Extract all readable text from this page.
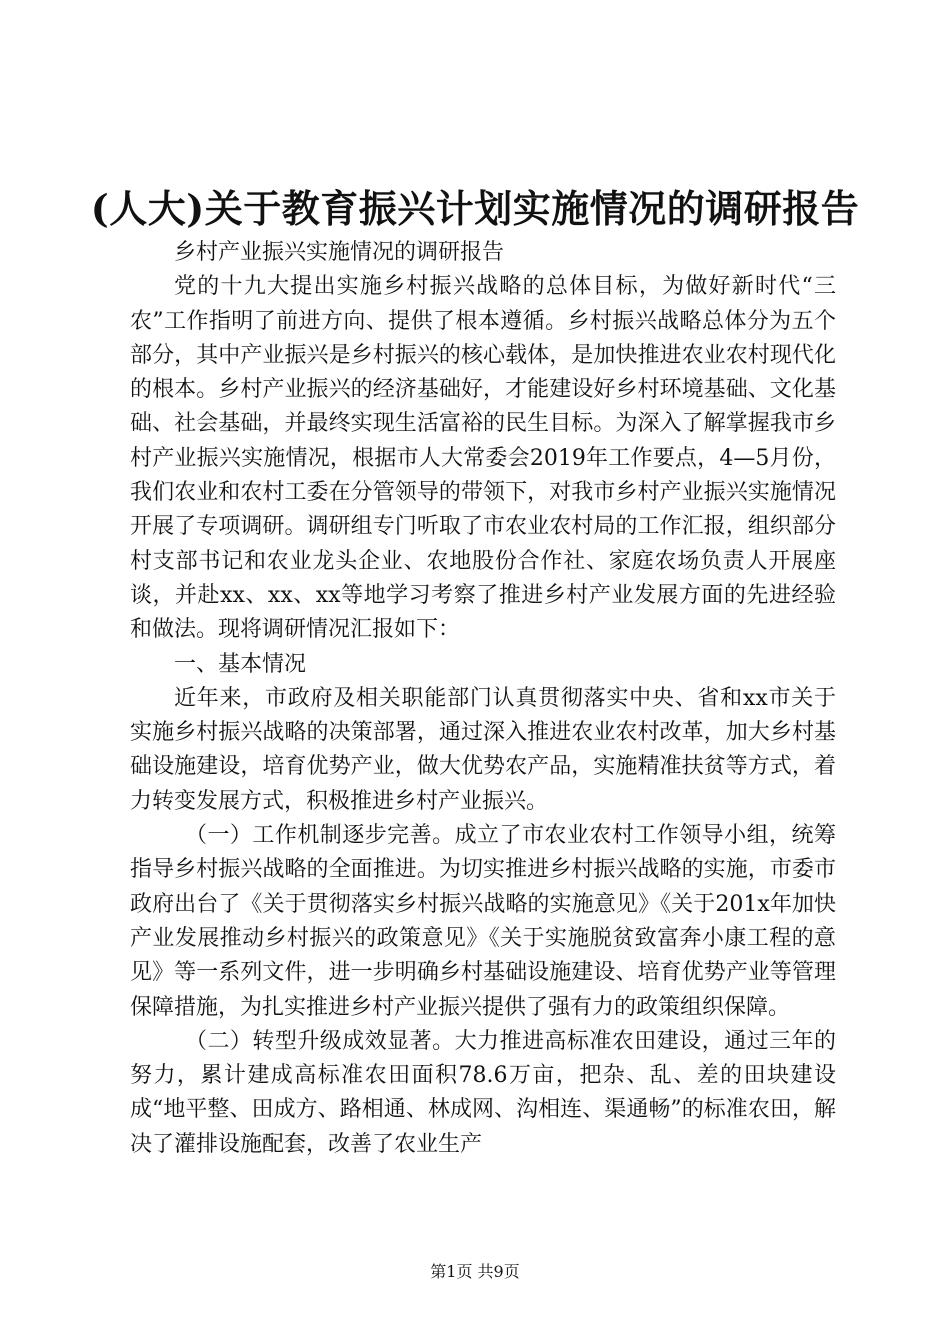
(人大)关于教育振兴计划实施情况的调研报告

乡村产业振兴实施情况的调研报告

党的十九大提出实施乡村振兴战略的总体目标，为做好新时代“三农”工作指明了前进方向、提供了根本遵循。乡村振兴战略总体分为五个部分，其中产业振兴是乡村振兴的核心载体，是加快推进农业农村现代化的根本。乡村产业振兴的经济基础好，才能建设好乡村环境基础、文化基础、社会基础，并最终实现生活富裕的民生目标。为深入了解掌握我市乡村产业振兴实施情况，根据市人大常委会2019年工作要点，4—5月份，我们农业和农村工委在分管领导的带领下，对我市乡村产业振兴实施情况开展了专项调研。调研组专门听取了市农业农村局的工作汇报，组织部分村支部书记和农业龙头企业、农地股份合作社、家庭农场负责人开展座谈，并赴xx、xx、xx等地学习考察了推进乡村产业发展方面的先进经验和做法。现将调研情况汇报如下：

一、基本情况

近年来，市政府及相关职能部门认真贯彻落实中央、省和xx市关于实施乡村振兴战略的决策部署，通过深入推进农业农村改革，加大乡村基础设施建设，培育优势产业，做大优势农产品，实施精准扶贫等方式，着力转变发展方式，积极推进乡村产业振兴。

（一）工作机制逐步完善。成立了市农业农村工作领导小组，统筹指导乡村振兴战略的全面推进。为切实推进乡村振兴战略的实施，市委市政府出台了《关于贯彻落实乡村振兴战略的实施意见》《关于201x年加快产业发展推动乡村振兴的政策意见》《关于实施脱贫致富奔小康工程的意见》等一系列文件，进一步明确乡村基础设施建设、培育优势产业等管理保障措施，为扎实推进乡村产业振兴提供了强有力的政策组织保障。

（二）转型升级成效显著。大力推进高标准农田建设，通过三年的努力，累计建成高标准农田面积78.6万亩，把杂、乱、差的田块建设成“地平整、田成方、路相通、林成网、沟相连、渠通畅”的标准农田，解决了灌排设施配套，改善了农业生产

第1页 共9页
